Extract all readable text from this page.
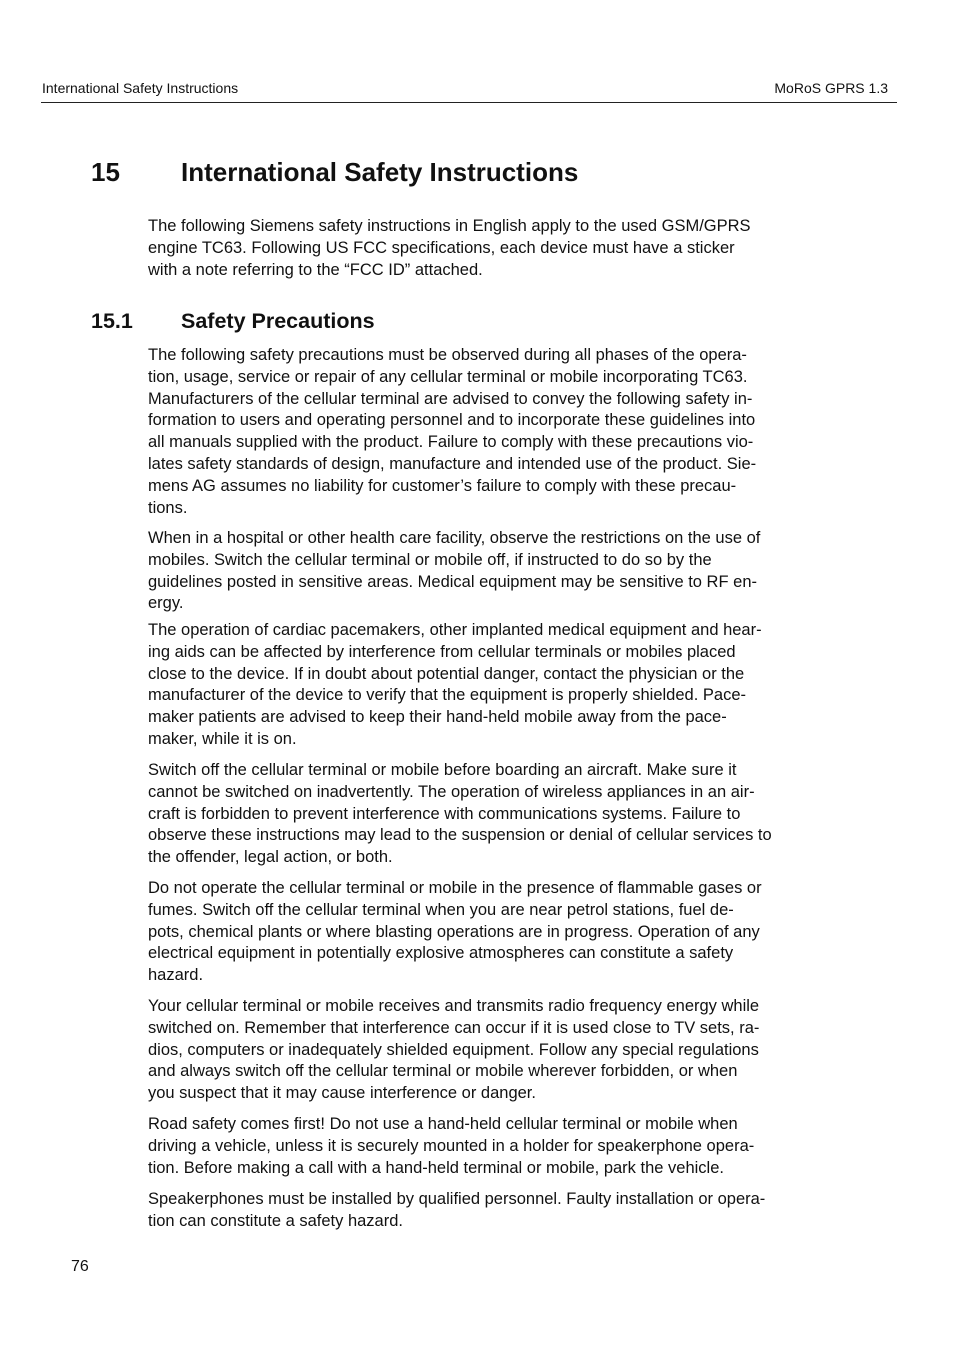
International Safety Instructions	MoRoS GPRS 1.3
15 International Safety Instructions

The following Siemens safety instructions in English apply to the used GSM/GPRS
engine TC63. Following US FCC specifications, each device must have a sticker
with a note referring to the “FCC ID” attached.

15.1 Safety Precautions

The following safety precautions must be observed during all phases of the opera-
tion, usage, service or repair of any cellular terminal or mobile incorporating TC63.
Manufacturers of the cellular terminal are advised to convey the following safety in-
formation to users and operating personnel and to incorporate these guidelines into
all manuals supplied with the product. Failure to comply with these precautions vio-
lates safety standards of design, manufacture and intended use of the product. Sie-
mens AG assumes no liability for customer’s failure to comply with these precau-
tions.

When in a hospital or other health care facility, observe the restrictions on the use of
mobiles. Switch the cellular terminal or mobile off, if instructed to do so by the
guidelines posted in sensitive areas. Medical equipment may be sensitive to RF en-
ergy.

The operation of cardiac pacemakers, other implanted medical equipment and hear-
ing aids can be affected by interference from cellular terminals or mobiles placed
close to the device. If in doubt about potential danger, contact the physician or the
manufacturer of the device to verify that the equipment is properly shielded. Pace-
maker patients are advised to keep their hand-held mobile away from the pace-
maker, while it is on.

Switch off the cellular terminal or mobile before boarding an aircraft. Make sure it
cannot be switched on inadvertently. The operation of wireless appliances in an air-
craft is forbidden to prevent interference with communications systems. Failure to
observe these instructions may lead to the suspension or denial of cellular services to
the offender, legal action, or both.

Do not operate the cellular terminal or mobile in the presence of flammable gases or
fumes. Switch off the cellular terminal when you are near petrol stations, fuel de-
pots, chemical plants or where blasting operations are in progress. Operation of any
electrical equipment in potentially explosive atmospheres can constitute a safety
hazard.

Your cellular terminal or mobile receives and transmits radio frequency energy while
switched on. Remember that interference can occur if it is used close to TV sets, ra-
dios, computers or inadequately shielded equipment. Follow any special regulations
and always switch off the cellular terminal or mobile wherever forbidden, or when
you suspect that it may cause interference or danger.

Road safety comes first! Do not use a hand-held cellular terminal or mobile when
driving a vehicle, unless it is securely mounted in a holder for speakerphone opera-
tion. Before making a call with a hand-held terminal or mobile, park the vehicle.

Speakerphones must be installed by qualified personnel. Faulty installation or opera-
tion can constitute a safety hazard.

76
